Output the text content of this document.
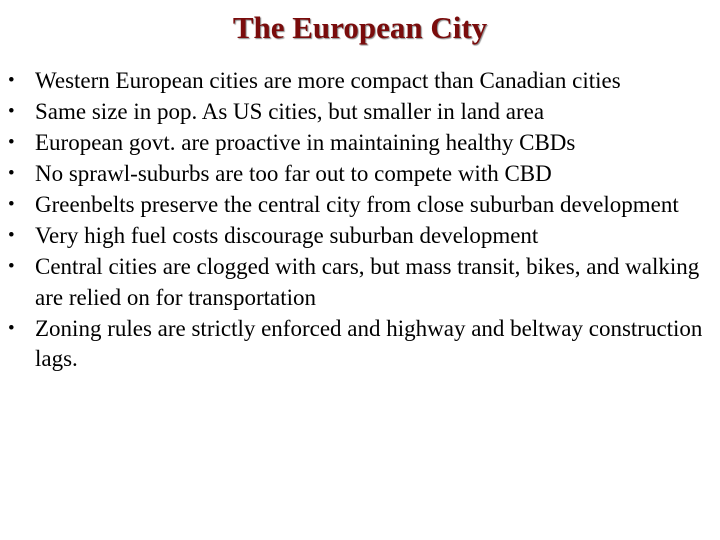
The European City
• Western European cities are more compact than Canadian cities
• Same size in pop. As US cities, but smaller in land area
• European govt. are proactive in maintaining healthy CBDs
• No sprawl-suburbs are too far out to compete with CBD
• Greenbelts preserve the central city from close suburban development
• Very high fuel costs discourage suburban development
• Central cities are clogged with cars, but mass transit, bikes, and walking are relied on for transportation
• Zoning rules are strictly enforced and highway and beltway construction lags.
